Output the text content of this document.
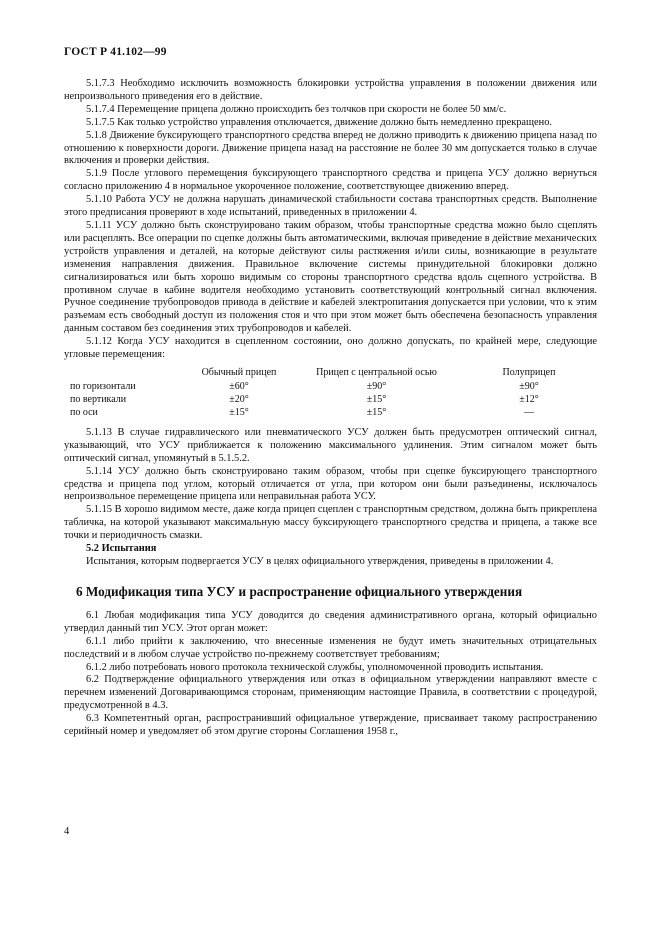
ГОСТ Р 41.102—99

5.1.7.3 Необходимо исключить возможность блокировки устройства управления в положении движения или непроизвольного приведения его в действие.

5.1.7.4 Перемещение прицепа должно происходить без толчков при скорости не более 50 мм/с.

5.1.7.5 Как только устройство управления отключается, движение должно быть немедленно прекращено.

5.1.8 Движение буксирующего транспортного средства вперед не должно приводить к движению прицепа назад по отношению к поверхности дороги. Движение прицепа назад на расстояние не более 30 мм допускается только в случае включения и проверки действия.

5.1.9 После углового перемещения буксирующего транспортного средства и прицепа УСУ должно вернуться согласно приложению 4 в нормальное укороченное положение, соответствующее движению вперед.

5.1.10 Работа УСУ не должна нарушать динамической стабильности состава транспортных средств. Выполнение этого предписания проверяют в ходе испытаний, приведенных в приложении 4.

5.1.11 УСУ должно быть сконструировано таким образом, чтобы транспортные средства можно было сцеплять или расцеплять. Все операции по сцепке должны быть автоматическими, включая приведение в действие механических устройств управления и деталей, на которые действуют силы растяжения и/или силы, возникающие в результате изменения направления движения. Правильное включение системы принудительной блокировки должно сигнализироваться или быть хорошо видимым со стороны транспортного средства вдоль сцепного устройства. В противном случае в кабине водителя необходимо установить соответствующий контрольный сигнал включения. Ручное соединение трубопроводов привода в действие и кабелей электропитания допускается при условии, что к этим разъемам есть свободный доступ из положения стоя и что при этом может быть обеспечена безопасность управления данным составом без соединения этих трубопроводов и кабелей.

5.1.12 Когда УСУ находится в сцепленном состоянии, оно должно допускать, по крайней мере, следующие угловые перемещения:

	Обычный прицеп	Прицеп с центральной осью	Полуприцеп
по горизонтали	±60°	±90°	±90°
по вертикали	±20°	±15°	±12°
по оси	±15°	±15°	—

5.1.13 В случае гидравлического или пневматического УСУ должен быть предусмотрен оптический сигнал, указывающий, что УСУ приближается к положению максимального удлинения. Этим сигналом может быть оптический сигнал, упомянутый в 5.1.5.2.

5.1.14 УСУ должно быть сконструировано таким образом, чтобы при сцепке буксирующего транспортного средства и прицепа под углом, который отличается от угла, при котором они были разъединены, исключалось непроизвольное перемещение прицепа или неправильная работа УСУ.

5.1.15 В хорошо видимом месте, даже когда прицеп сцеплен с транспортным средством, должна быть прикреплена табличка, на которой указывают максимальную массу буксирующего транспортного средства и прицепа, а также все точки и периодичность смазки.

5.2 Испытания

Испытания, которым подвергается УСУ в целях официального утверждения, приведены в приложении 4.

6 Модификация типа УСУ и распространение официального утверждения

6.1 Любая модификация типа УСУ доводится до сведения административного органа, который официально утвердил данный тип УСУ. Этот орган может:

6.1.1 либо прийти к заключению, что внесенные изменения не будут иметь значительных отрицательных последствий и в любом случае устройство по-прежнему соответствует требованиям;

6.1.2 либо потребовать нового протокола технической службы, уполномоченной проводить испытания.

6.2 Подтверждение официального утверждения или отказ в официальном утверждении направляют вместе с перечнем изменений Договаривающимся сторонам, применяющим настоящие Правила, в соответствии с процедурой, предусмотренной в 4.3.

6.3 Компетентный орган, распространивший официальное утверждение, присваивает такому распространению серийный номер и уведомляет об этом другие стороны Соглашения 1958 г.,

4
